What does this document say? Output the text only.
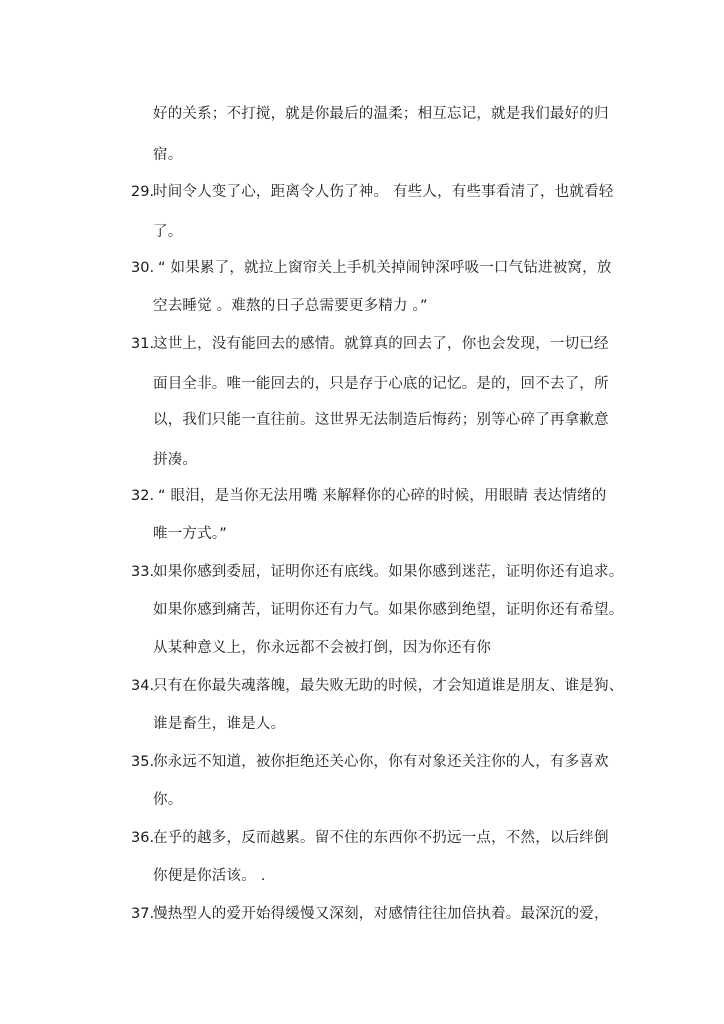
好的关系；不打搅，就是你最后的温柔；相互忘记，就是我们最好的归
宿。
29.
时间令人变了心，距离令人伤了神。 有些人，有些事看清了，也就看轻
了。
30. “ 如果累了，就拉上窗帘关上手机关掉闹钟深呼吸一口气钻进被窝，放
空去睡觉 。难熬的日子总需要更多精力 。”
31.
这世上，没有能回去的感情。就算真的回去了，你也会发现，一切已经
面目全非。唯一能回去的，只是存于心底的记忆。是的，回不去了，所
以，我们只能一直往前。这世界无法制造后悔药；别等心碎了再拿歉意
拼凑。
32. “ 眼泪，是当你无法用嘴 来解释你的心碎的时候，用眼睛 表达情绪的
唯一方式。”
33.
如果你感到委屈，证明你还有底线。如果你感到迷茫，证明你还有追求。
如果你感到痛苦，证明你还有力气。如果你感到绝望，证明你还有希望。
从某种意义上，你永远都不会被打倒，因为你还有你
34.
只有在你最失魂落魄，最失败无助的时候，才会知道谁是朋友、谁是狗、
谁是畜生，谁是人。
35.
你永远不知道，被你拒绝还关心你，你有对象还关注你的人，有多喜欢
你。
36.
在乎的越多，反而越累。留不住的东西你不扔远一点，不然，以后绊倒
你便是你活该。 .
37.
慢热型人的爱开始得缓慢又深刻，对感情往往加倍执着。最深沉的爱，
